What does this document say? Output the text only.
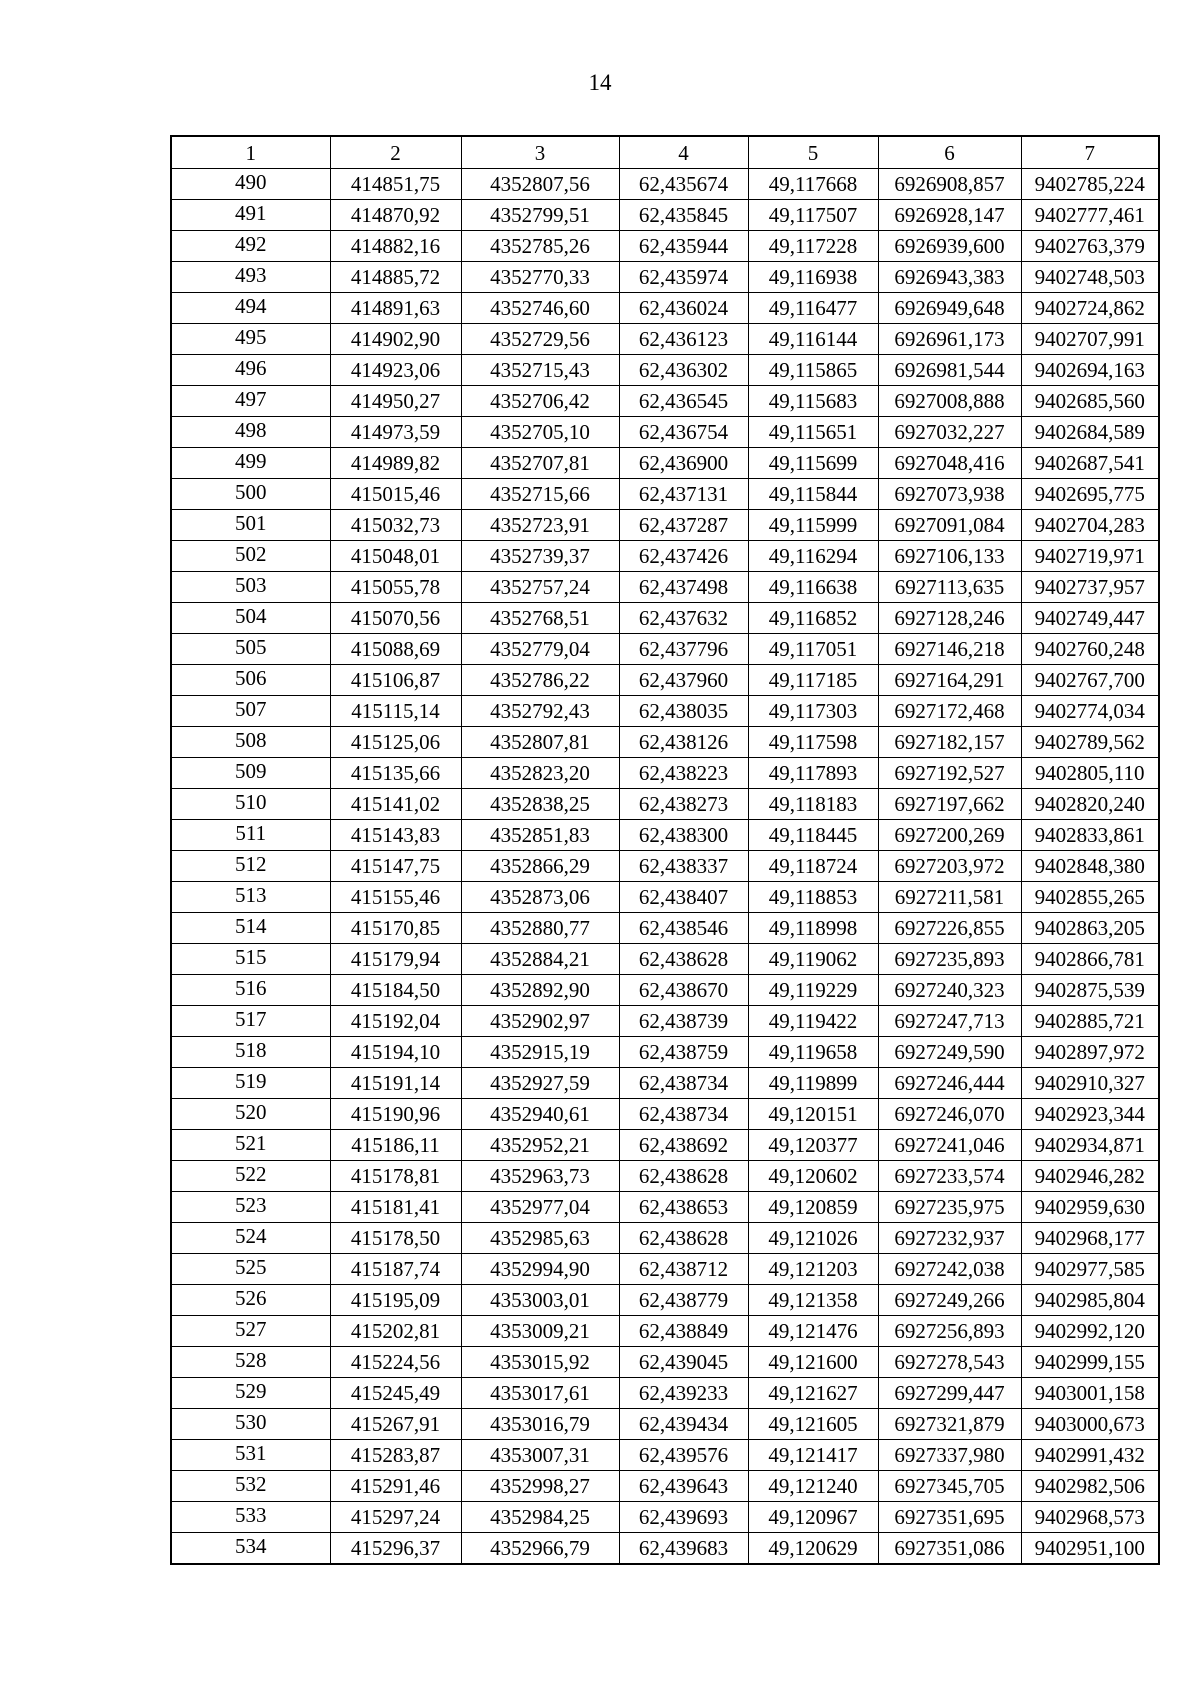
14
1	2	3	4	5	6	7
490	414851,75	4352807,56	62,435674	49,117668	6926908,857	9402785,224
491	414870,92	4352799,51	62,435845	49,117507	6926928,147	9402777,461
492	414882,16	4352785,26	62,435944	49,117228	6926939,600	9402763,379
493	414885,72	4352770,33	62,435974	49,116938	6926943,383	9402748,503
494	414891,63	4352746,60	62,436024	49,116477	6926949,648	9402724,862
495	414902,90	4352729,56	62,436123	49,116144	6926961,173	9402707,991
496	414923,06	4352715,43	62,436302	49,115865	6926981,544	9402694,163
497	414950,27	4352706,42	62,436545	49,115683	6927008,888	9402685,560
498	414973,59	4352705,10	62,436754	49,115651	6927032,227	9402684,589
499	414989,82	4352707,81	62,436900	49,115699	6927048,416	9402687,541
500	415015,46	4352715,66	62,437131	49,115844	6927073,938	9402695,775
501	415032,73	4352723,91	62,437287	49,115999	6927091,084	9402704,283
502	415048,01	4352739,37	62,437426	49,116294	6927106,133	9402719,971
503	415055,78	4352757,24	62,437498	49,116638	6927113,635	9402737,957
504	415070,56	4352768,51	62,437632	49,116852	6927128,246	9402749,447
505	415088,69	4352779,04	62,437796	49,117051	6927146,218	9402760,248
506	415106,87	4352786,22	62,437960	49,117185	6927164,291	9402767,700
507	415115,14	4352792,43	62,438035	49,117303	6927172,468	9402774,034
508	415125,06	4352807,81	62,438126	49,117598	6927182,157	9402789,562
509	415135,66	4352823,20	62,438223	49,117893	6927192,527	9402805,110
510	415141,02	4352838,25	62,438273	49,118183	6927197,662	9402820,240
511	415143,83	4352851,83	62,438300	49,118445	6927200,269	9402833,861
512	415147,75	4352866,29	62,438337	49,118724	6927203,972	9402848,380
513	415155,46	4352873,06	62,438407	49,118853	6927211,581	9402855,265
514	415170,85	4352880,77	62,438546	49,118998	6927226,855	9402863,205
515	415179,94	4352884,21	62,438628	49,119062	6927235,893	9402866,781
516	415184,50	4352892,90	62,438670	49,119229	6927240,323	9402875,539
517	415192,04	4352902,97	62,438739	49,119422	6927247,713	9402885,721
518	415194,10	4352915,19	62,438759	49,119658	6927249,590	9402897,972
519	415191,14	4352927,59	62,438734	49,119899	6927246,444	9402910,327
520	415190,96	4352940,61	62,438734	49,120151	6927246,070	9402923,344
521	415186,11	4352952,21	62,438692	49,120377	6927241,046	9402934,871
522	415178,81	4352963,73	62,438628	49,120602	6927233,574	9402946,282
523	415181,41	4352977,04	62,438653	49,120859	6927235,975	9402959,630
524	415178,50	4352985,63	62,438628	49,121026	6927232,937	9402968,177
525	415187,74	4352994,90	62,438712	49,121203	6927242,038	9402977,585
526	415195,09	4353003,01	62,438779	49,121358	6927249,266	9402985,804
527	415202,81	4353009,21	62,438849	49,121476	6927256,893	9402992,120
528	415224,56	4353015,92	62,439045	49,121600	6927278,543	9402999,155
529	415245,49	4353017,61	62,439233	49,121627	6927299,447	9403001,158
530	415267,91	4353016,79	62,439434	49,121605	6927321,879	9403000,673
531	415283,87	4353007,31	62,439576	49,121417	6927337,980	9402991,432
532	415291,46	4352998,27	62,439643	49,121240	6927345,705	9402982,506
533	415297,24	4352984,25	62,439693	49,120967	6927351,695	9402968,573
534	415296,37	4352966,79	62,439683	49,120629	6927351,086	9402951,100
